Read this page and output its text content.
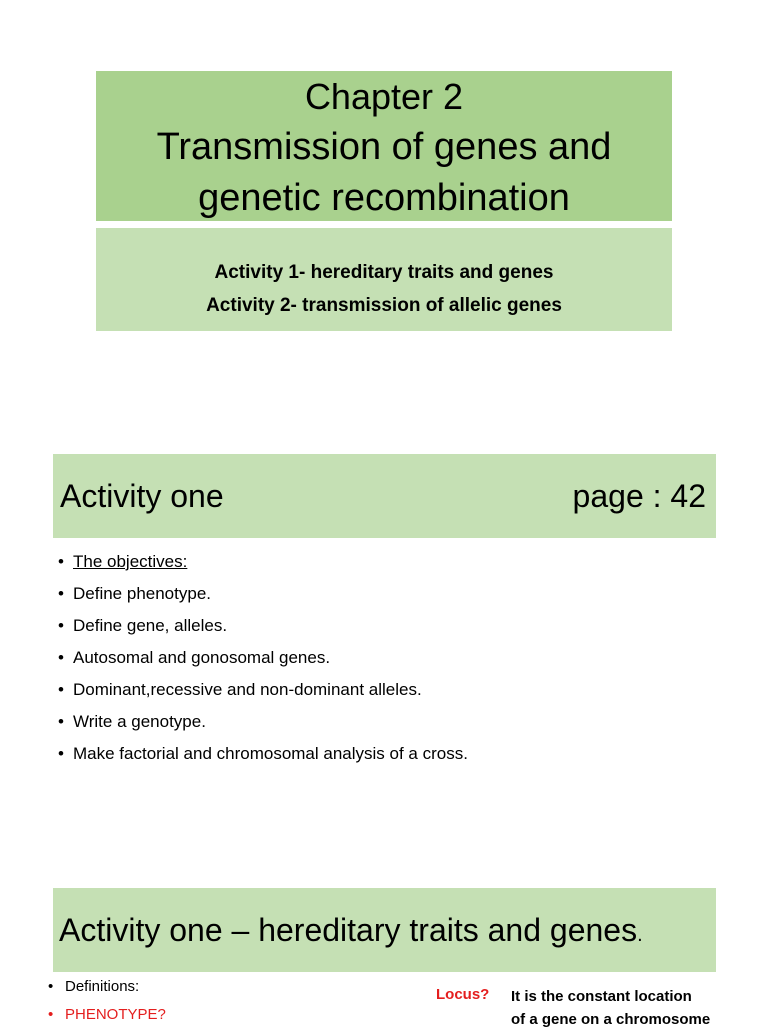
Chapter 2
Transmission of genes and
genetic recombination
Activity 1- hereditary traits and genes
Activity 2- transmission of allelic genes
Activity one	page : 42
• The objectives:
• Define phenotype.
• Define gene, alleles.
• Autosomal and gonosomal genes.
• Dominant,recessive and non-dominant alleles.
• Write a genotype.
• Make factorial and chromosomal analysis of a cross.
Activity one – hereditary traits and genes.
• Definitions:
• PHENOTYPE?
Locus? It is the constant location
of a gene on a chromosome
